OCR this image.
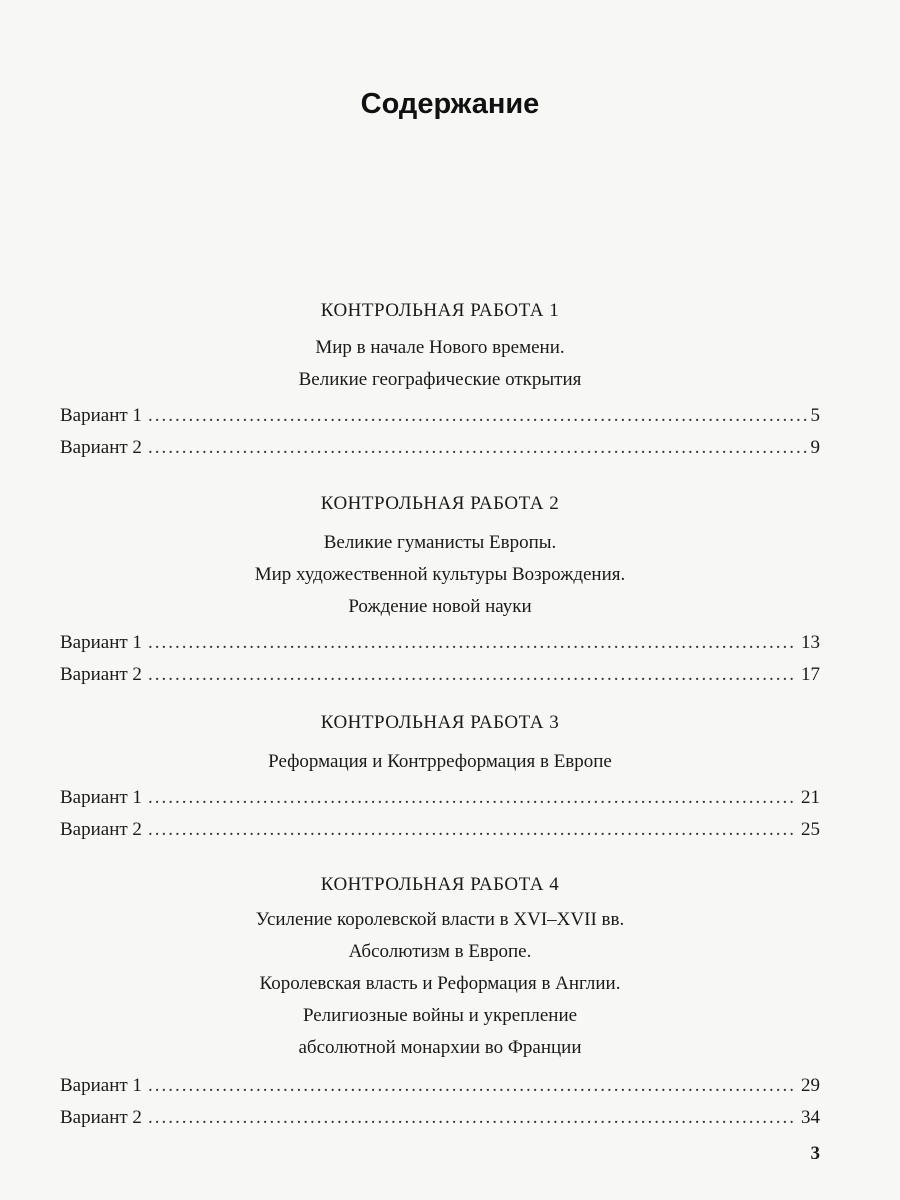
Содержание
КОНТРОЛЬНАЯ РАБОТА 1
Мир в начале Нового времени.
Великие географические открытия
Вариант 1 .....	5
Вариант 2 .....	9
КОНТРОЛЬНАЯ РАБОТА 2
Великие гуманисты Европы.
Мир художественной культуры Возрождения.
Рождение новой науки
Вариант 1 .....	13
Вариант 2 .....	17
КОНТРОЛЬНАЯ РАБОТА 3
Реформация и Контрреформация в Европе
Вариант 1 .....	21
Вариант 2 .....	25
КОНТРОЛЬНАЯ РАБОТА 4
Усиление королевской власти в XVI–XVII вв.
Абсолютизм в Европе.
Королевская власть и Реформация в Англии.
Религиозные войны и укрепление
абсолютной монархии во Франции
Вариант 1 .....	29
Вариант 2 .....	34
3
